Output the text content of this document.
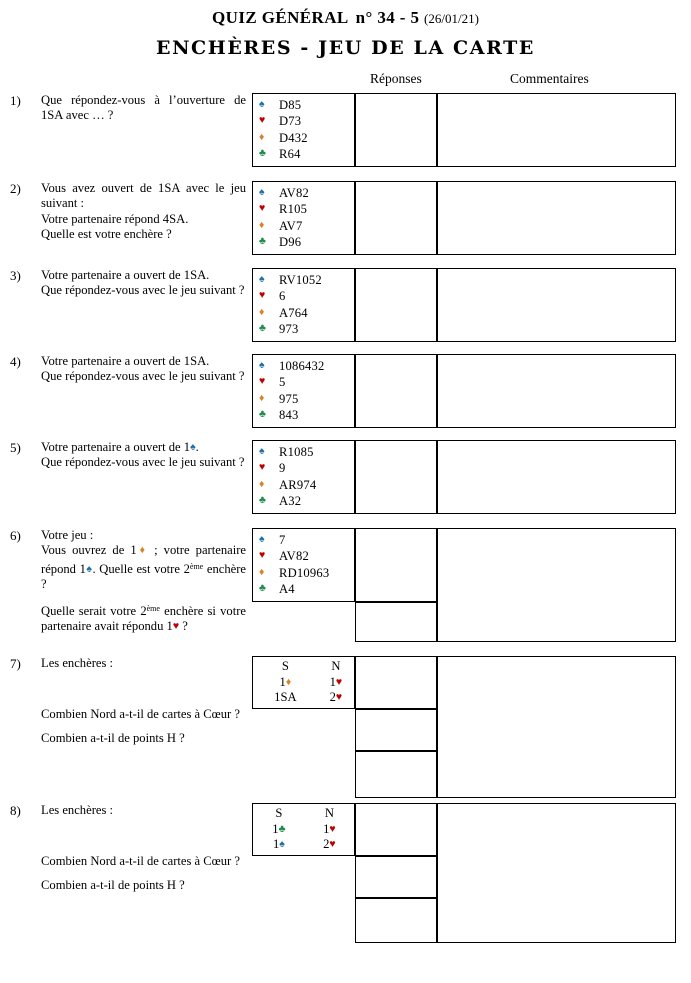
QUIZ GÉNÉRAL n° 34 - 5 (26/01/21)
ENCHÈRES - JEU DE LA CARTE
Réponses	Commentaires
1) Que répondez-vous à l’ouverture de 1SA avec … ?

♠	D85
♥	D73
♦	D432
♣	R64
2) Vous avez ouvert de 1SA avec le jeu suivant :

Votre partenaire répond 4SA.

Quelle est votre enchère ?

♠	AV82
♥	R105
♦	AV7
♣	D96
3) Votre partenaire a ouvert de 1SA.

Que répondez-vous avec le jeu suivant ?

♠	RV1052
♥	6
♦	A764
♣	973
4) Votre partenaire a ouvert de 1SA.

Que répondez-vous avec le jeu suivant ?

♠	1086432
♥	5
♦	975
♣	843
5) Votre partenaire a ouvert de 1♠.

Que répondez-vous avec le jeu suivant ?

♠	R1085
♥	9
♦	AR974
♣	A32
6) Votre jeu :

Vous ouvrez de 1♦ ; votre partenaire répond 1♠. Quelle est votre 2ème enchère ?

Quelle serait votre 2ème enchère si votre partenaire avait répondu 1♥ ?

♠	7
♥	AV82
♦	RD10963
♣	A4
7) Les enchères :

Combien Nord a-t-il de cartes à Cœur ?

Combien a-t-il de points H ?

S	N
1♦	1♥
1SA	2♥
8) Les enchères :

Combien Nord a-t-il de cartes à Cœur ?

Combien a-t-il de points H ?

S	N
1♣	1♥
1♠	2♥
